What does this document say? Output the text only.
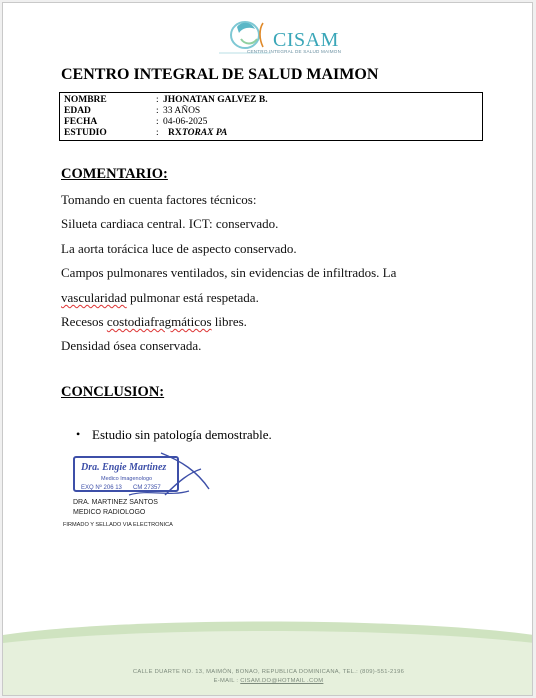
CISAM
CENTRO INTEGRAL DE SALUD MAIMON
CENTRO INTEGRAL DE SALUD MAIMON
NOMBRE	: JHONATAN GALVEZ B.
EDAD	: 33 AÑOS
FECHA	: 04-06-2025
ESTUDIO	: RX TORAX PA
COMENTARIO:
Tomando en cuenta factores técnicos:
Silueta cardiaca central. ICT: conservado.
La aorta torácica luce de aspecto conservado.
Campos pulmonares ventilados, sin evidencias de infiltrados. La
vascularidad pulmonar está respetada.
Recesos costodiafragmáticos libres.
Densidad ósea conservada.
CONCLUSION:
• Estudio sin patología demostrable.
Dra. Engie Martinez
Medico Imagenologo
EXQ Nº 206 13 CM 27357
DRA. MARTINEZ SANTOS
MEDICO RADIOLOGO
FIRMADO Y SELLADO VIA ELECTRONICA
CALLE DUARTE NO. 13, MAIMÓN, BONAO, REPUBLICA DOMINICANA, TEL.: (809)-551-2196
E-MAIL : CISAM.DO@HOTMAIL .COM
